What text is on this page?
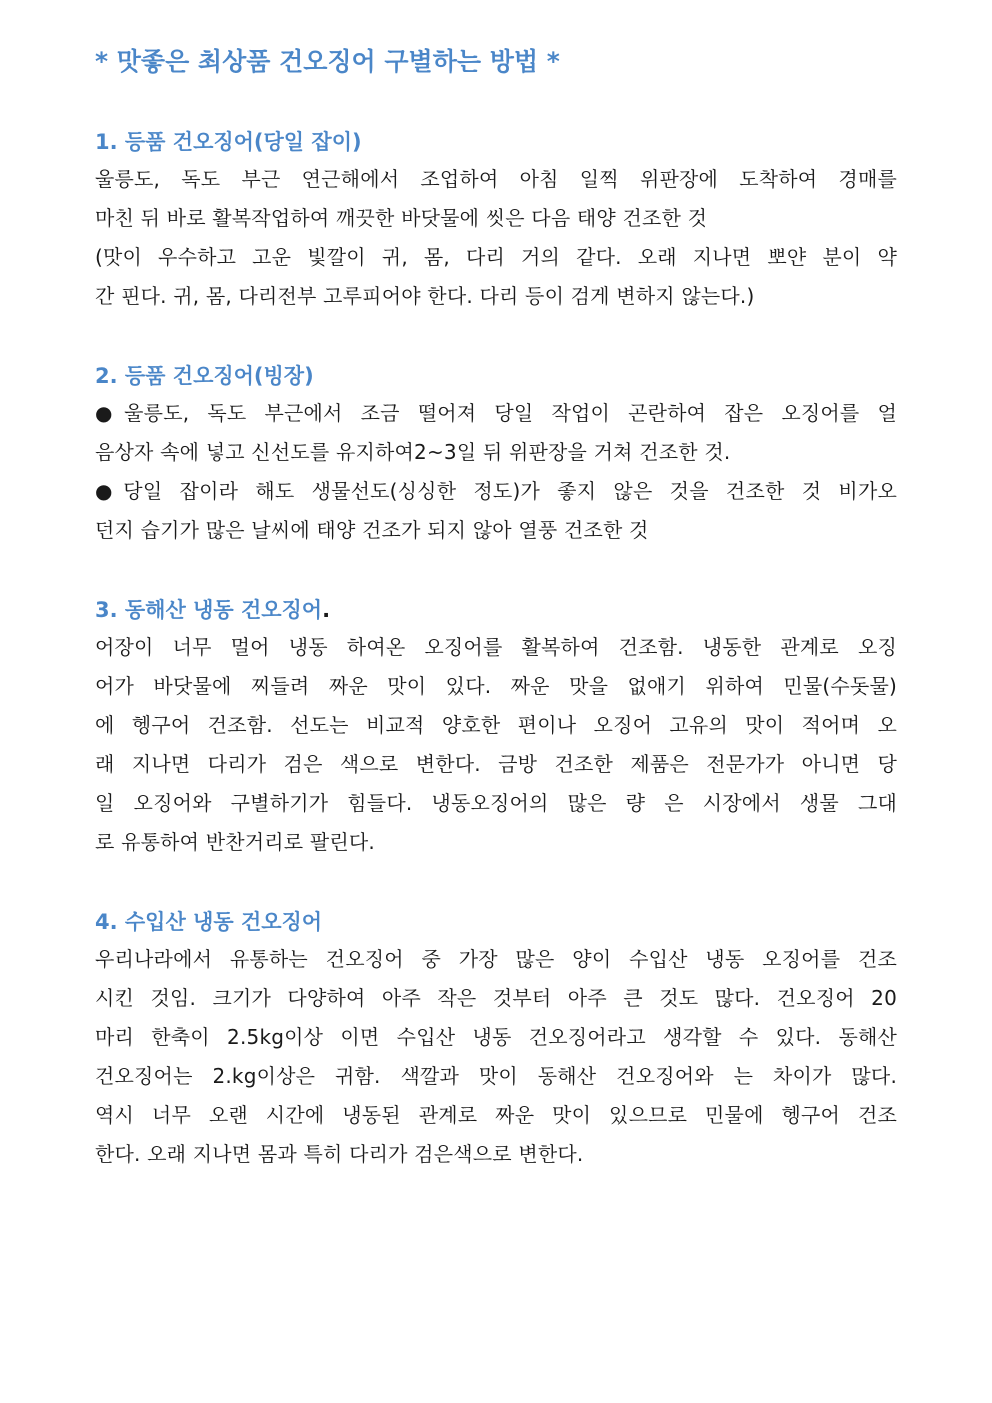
* 맛좋은 최상품 건오징어 구별하는 방법 *
1. 등품 건오징어(당일 잡이)
울릉도, 독도 부근 연근해에서 조업하여 아침 일찍 위판장에 도착하여 경매를
마친 뒤 바로 활복작업하여 깨끗한 바닷물에 씻은 다음 태양 건조한 것
(맛이 우수하고 고운 빛깔이 귀, 몸, 다리 거의 같다. 오래 지나면 뽀얀 분이 약
간 핀다. 귀, 몸, 다리전부 고루피어야 한다. 다리 등이 검게 변하지 않는다.)
2. 등품 건오징어(빙장)
●울릉도, 독도 부근에서 조금 떨어져 당일 작업이 곤란하여 잡은 오징어를 얼
음상자 속에 넣고 신선도를 유지하여2~3일 뒤 위판장을 거쳐 건조한 것.
●당일 잡이라 해도 생물선도(싱싱한 정도)가 좋지 않은 것을 건조한 것 비가오
던지 습기가 많은 날씨에 태양 건조가 되지 않아 열풍 건조한 것
3. 동해산 냉동 건오징어.
어장이 너무 멀어 냉동 하여온 오징어를 활복하여 건조함. 냉동한 관계로 오징
어가 바닷물에 찌들려 짜운 맛이 있다. 짜운 맛을 없애기 위하여 민물(수돗물)
에 헹구어 건조함. 선도는 비교적 양호한 편이나 오징어 고유의 맛이 적어며 오
래 지나면 다리가 검은 색으로 변한다. 금방 건조한 제품은 전문가가 아니면 당
일 오징어와 구별하기가 힘들다. 냉동오징어의 많은 량 은 시장에서 생물 그대
로 유통하여 반찬거리로 팔린다.
4. 수입산 냉동 건오징어
우리나라에서 유통하는 건오징어 중 가장 많은 양이 수입산 냉동 오징어를 건조
시킨 것임. 크기가 다양하여 아주 작은 것부터 아주 큰 것도 많다. 건오징어 20
마리 한축이 2.5kg이상 이면 수입산 냉동 건오징어라고 생각할 수 있다. 동해산
건오징어는 2.kg이상은 귀함. 색깔과 맛이 동해산 건오징어와 는 차이가 많다.
역시 너무 오랜 시간에 냉동된 관계로 짜운 맛이 있으므로 민물에 헹구어 건조
한다. 오래 지나면 몸과 특히 다리가 검은색으로 변한다.
